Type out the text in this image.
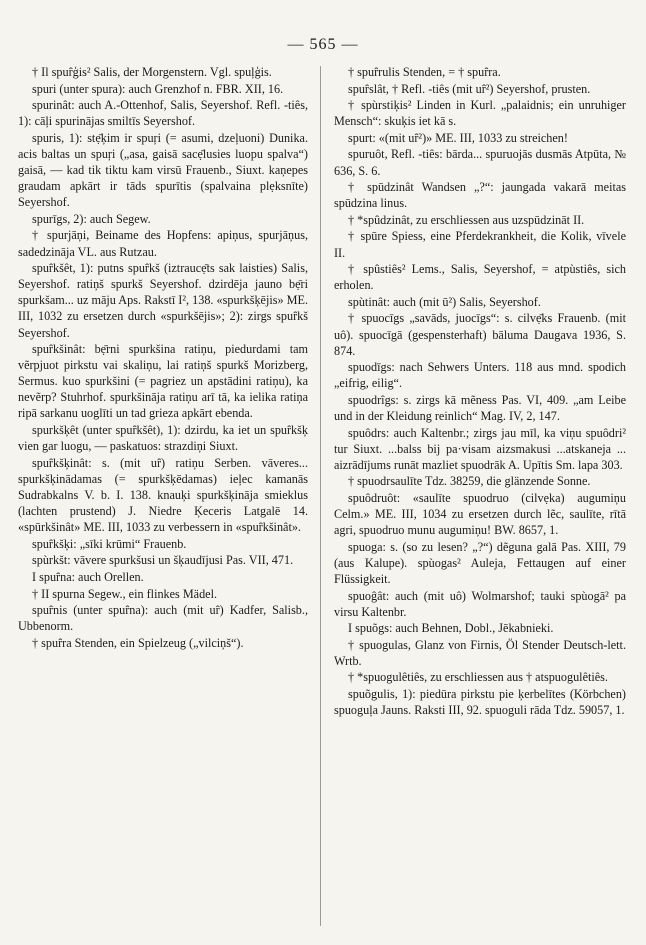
— 565 —

† Il spuȓģis² Salis, der Morgenstern. Vgl. spuļģis.

spuri (unter spura): auch Grenzhof n. FBR. XII, 16.

spurinât: auch A.-Ottenhof, Salis, Seyershof. Refl. -tiês, 1): cāļi spurinājas smiltīs Seyershof.

spuris, 1): stẹ̄ķim ir spuŗi (= asumi, dzeļuoni) Dunika. acis baltas un spuŗi („asa, gaisā sacẹ̄lusies luopu spalva“) gaisā, — kad tik tiktu kam virsū Frauenb., Siuxt. kaņepes graudam apkārt ir tāds spurītis (spalvaina plẹksnīte) Seyershof.

spurīgs, 2): auch Segew.

† spurjāņi, Beiname des Hopfens: apiņus, spurjāņus, sadedzināja VL. aus Rutzau.

spuȓkšêt, 1): putns spuȓkš (iztraucẹ̄ts sak laisties) Salis, Seyershof. ratiņš spurkš Seyershof. dzirdēja jauno bẹ̄ri spurkšam... uz māju Aps. Rakstī I², 138. «spurkšķējis» ME. III, 1032 zu ersetzen durch «spurkšējis»; 2): zirgs spuȓkš Seyershof.

spuȓkšinât: bẹ̄rni spurkšina ratiņu, piedurdami tam vẽrpjuot pirkstu vai skaliņu, lai ratiņš spurkš Morizberg, Sermus. kuo spurkšini (= pagriez un apstādini ratiņu), ka nevẽrp? Stuhrhof. spurkšināja ratiņu arī tā, ka ielika ratiņa ripā sarkanu uoglīti un tad grieza apkārt ebenda.

spurkšķêt (unter spuȓkšêt), 1): dzirdu, ka iet un spuȓkšķ vien gar luogu, — paskatuos: strazdiņi Siuxt.

spuȓkšķinât: s. (mit uȓ) ratiņu Serben. vāveres... spurkšķinādamas (= spurkšķēdamas) ieļec kamanās Sudrabkalns V. b. I. 138. knauķi spurkšķināja smieklus (lachten prustend) J. Niedre Ķeceris Latgalē 14. «spūrkšinât» ME. III, 1033 zu verbessern in «spuȓkšinât».

spuȓkšķi: „sīki krūmi“ Frauenb.

spùrkšt: vāvere spurkšusi un šķaudījusi Pas. VII, 471.

I spuȓna: auch Orellen.

† II spurna Segew., ein flinkes Mädel.

spuȓnis (unter spuȓna): auch (mit uȓ) Kadfer, Salisb., Ubbenorm.

† spuȓra Stenden, ein Spielzeug („vilciņš“).

† spuȓrulis Stenden, = † spuȓra.

spuȓslât, † Refl. -tiês (mit uȓ²) Seyershof, prusten.

† spùrstiķis² Linden in Kurl. „palaidnis; ein unruhiger Mensch“: skuķis iet kā s.

spurt: «(mit uȓ²)» ME. III, 1033 zu streichen!

spuruôt, Refl. -tiês: bārda... spuruojās dusmās Atpūta, № 636, S. 6.

† spūdzinât Wandsen „?“: jaungada vakarā meitas spūdzina linus.

† *spûdzinât, zu erschliessen aus uzspūdzināt II.

† spūre Spiess, eine Pferdekrankheit, die Kolik, vīvele II.

† spûstiês² Lems., Salis, Seyershof, = atpùstiês, sich erholen.

spùtinât: auch (mit ū²) Salis, Seyershof.

† spuocīgs „savāds, juocīgs“: s. cilvẹ̄ks Frauenb. (mit uô). spuocīgā (gespensterhaft) bāluma Daugava 1936, S. 874.

spuodīgs: nach Sehwers Unters. 118 aus mnd. spodich „eifrig, eilig“.

spuodrîgs: s. zirgs kā mẽness Pas. VI, 409. „am Leibe und in der Kleidung reinlich“ Mag. IV, 2, 147.

spuôdrs: auch Kaltenbr.; zirgs jau mīl, ka viņu spuôdri² tur Siuxt. ...balss bij pa·visam aizsmakusi ...atskaneja ... aizrādījums runāt mazliet spuodrāk A. Upītis Sm. lapa 303.

† spuodrsaulīte Tdz. 38259, die glänzende Sonne.

spuôdruôt: «saulīte spuodruo (cilvẹka) augumiņu Celm.» ME. III, 1034 zu ersetzen durch lẽc, saulīte, rītā agri, spuodruo munu augumiņu! BW. 8657, 1.

spuoga: s. (so zu lesen? „?“) dẽguna galā Pas. XIII, 79 (aus Kalupe). spùogas² Auleja, Fettaugen auf einer Flüssigkeit.

spuoĝât: auch (mit uô) Wolmarshof; tauki spùogā² pa virsu Kaltenbr.

I spuõgs: auch Behnen, Dobl., Jēkabnieki.

† spuogulas, Glanz von Firnis, Öl Stender Deutsch-lett. Wrtb.

† *spuogulêtiês, zu erschliessen aus † atspuogulêtiês.

spuõgulis, 1): piedūra pirkstu pie ķerbelītes (Körbchen) spuoguļa Jauns. Raksti III, 92. spuoguli rāda Tdz. 59057, 1.
